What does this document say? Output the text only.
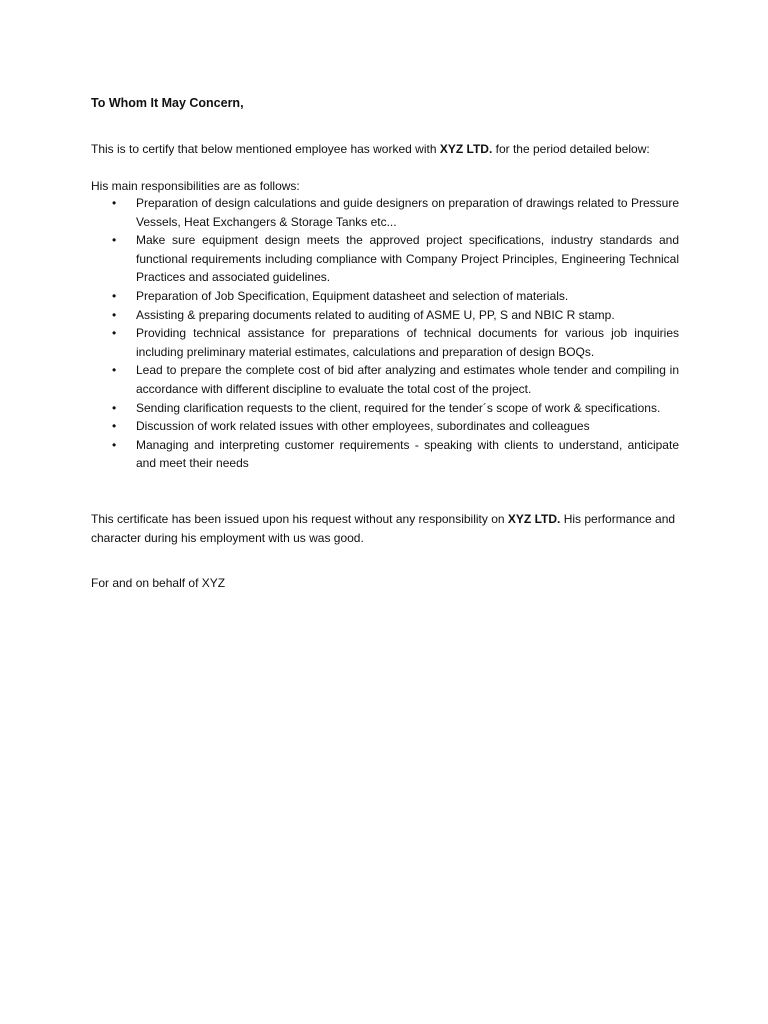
To Whom It May Concern,
This is to certify that below mentioned employee has worked with XYZ LTD. for the period detailed below:
His main responsibilities are as follows:
• Preparation of design calculations and guide designers on preparation of drawings related to Pressure Vessels, Heat Exchangers & Storage Tanks etc...
• Make sure equipment design meets the approved project specifications, industry standards and functional requirements including compliance with Company Project Principles, Engineering Technical Practices and associated guidelines.
• Preparation of Job Specification, Equipment datasheet and selection of materials.
• Assisting & preparing documents related to auditing of ASME U, PP, S and NBIC R stamp.
• Providing technical assistance for preparations of technical documents for various job inquiries including preliminary material estimates, calculations and preparation of design BOQs.
• Lead to prepare the complete cost of bid after analyzing and estimates whole tender and compiling in accordance with different discipline to evaluate the total cost of the project.
• Sending clarification requests to the client, required for the tender´s scope of work & specifications.
• Discussion of work related issues with other employees, subordinates and colleagues
• Managing and interpreting customer requirements - speaking with clients to understand, anticipate and meet their needs
This certificate has been issued upon his request without any responsibility on XYZ LTD. His performance and character during his employment with us was good.
For and on behalf of XYZ
